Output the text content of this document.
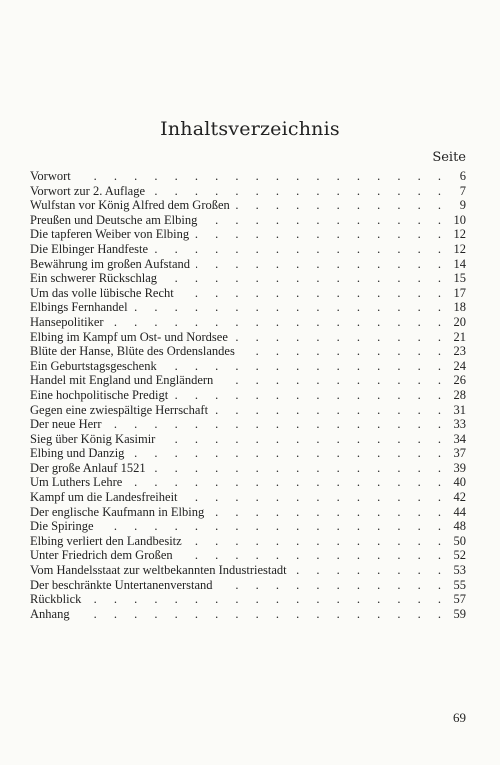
Inhaltsverzeichnis
Seite
Vorwort . . .	6
Vorwort zur 2. Auflage . . .	7
Wulfstan vor König Alfred dem Großen . . .	9
Preußen und Deutsche am Elbing . . .	10
Die tapferen Weiber von Elbing . . .	12
Die Elbinger Handfeste . . .	12
Bewährung im großen Aufstand . . .	14
Ein schwerer Rückschlag . . .	15
Um das volle lübische Recht . . .	17
Elbings Fernhandel . . .	18
Hansepolitiker . . .	20
Elbing im Kampf um Ost- und Nordsee . . .	21
Blüte der Hanse, Blüte des Ordenslandes . . .	23
Ein Geburtstagsgeschenk . . .	24
Handel mit England und Engländern . . .	26
Eine hochpolitische Predigt . . .	28
Gegen eine zwiespältige Herrschaft . . .	31
Der neue Herr . . .	33
Sieg über König Kasimir . . .	34
Elbing und Danzig . . .	37
Der große Anlauf 1521 . . .	39
Um Luthers Lehre . . .	40
Kampf um die Landesfreiheit . . .	42
Der englische Kaufmann in Elbing . . .	44
Die Spiringe . . .	48
Elbing verliert den Landbesitz . . .	50
Unter Friedrich dem Großen . . .	52
Vom Handelsstaat zur weltbekannten Industriestadt . . .	53
Der beschränkte Untertanenverstand . . .	55
Rückblick . . .	57
Anhang . . .	59
69
